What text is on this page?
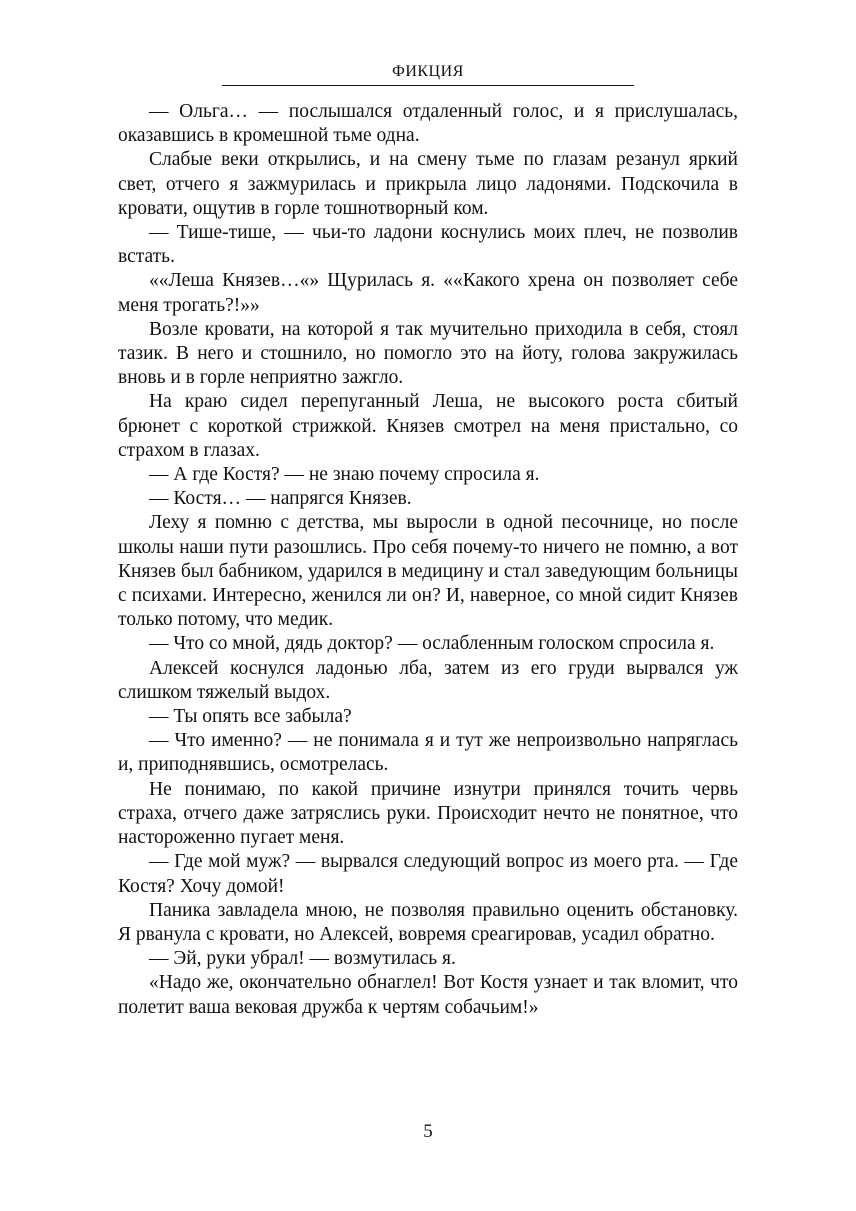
ФИКЦИЯ

— Ольга… — послышался отдаленный голос, и я прислушалась, оказавшись в кромешной тьме одна.

Слабые веки открылись, и на смену тьме по глазам резанул яркий свет, отчего я зажмурилась и прикрыла лицо ладонями. Подскочила в кровати, ощутив в горле тошнотворный ком.

— Тише-тише, — чьи-то ладони коснулись моих плеч, не позволив встать.

««Леша Князев…«» Щурилась я. ««Какого хрена он позволяет себе меня трогать?!»»

Возле кровати, на которой я так мучительно приходила в себя, стоял тазик. В него и стошнило, но помогло это на йоту, голова закружилась вновь и в горле неприятно зажгло.

На краю сидел перепуганный Леша, не высокого роста сбитый брюнет с короткой стрижкой. Князев смотрел на меня пристально, со страхом в глазах.

— А где Костя? — не знаю почему спросила я.

— Костя… — напрягся Князев.

Леху я помню с детства, мы выросли в одной песочнице, но после школы наши пути разошлись. Про себя почему-то ничего не помню, а вот Князев был бабником, ударился в медицину и стал заведующим больницы с психами. Интересно, женился ли он? И, наверное, со мной сидит Князев только потому, что медик.

— Что со мной, дядь доктор? — ослабленным голоском спросила я.

Алексей коснулся ладонью лба, затем из его груди вырвался уж слишком тяжелый выдох.

— Ты опять все забыла?

— Что именно? — не понимала я и тут же непроизвольно напряглась и, приподнявшись, осмотрелась.

Не понимаю, по какой причине изнутри принялся точить червь страха, отчего даже затряслись руки. Происходит нечто не понятное, что настороженно пугает меня.

— Где мой муж? — вырвался следующий вопрос из моего рта. — Где Костя? Хочу домой!

Паника завладела мною, не позволяя правильно оценить обстановку. Я рванула с кровати, но Алексей, вовремя среагировав, усадил обратно.

— Эй, руки убрал! — возмутилась я.

«Надо же, окончательно обнаглел! Вот Костя узнает и так вломит, что полетит ваша вековая дружба к чертям собачьим!»

5
